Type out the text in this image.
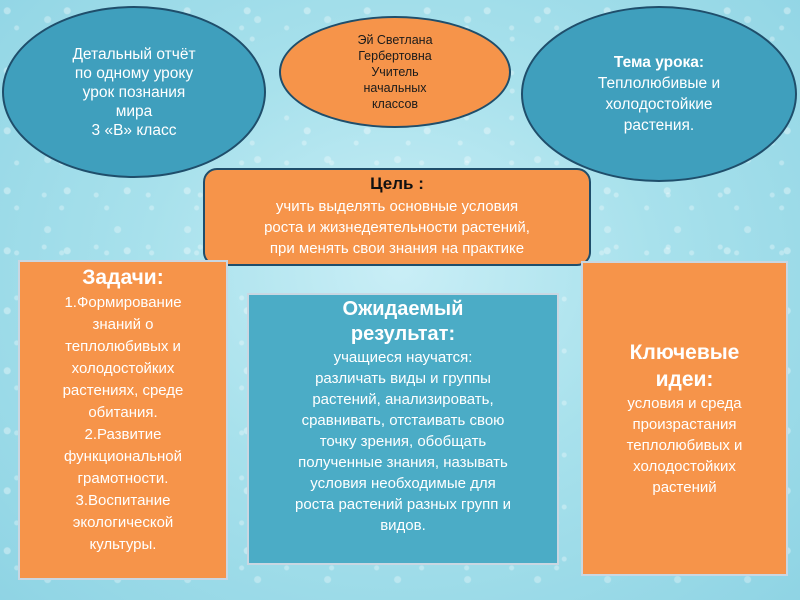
Детальный отчёт
по одному уроку
урок познания
мира
3 «В» класс
Эй Светлана
Гербертовна
Учитель
начальных
классов
Тема урока:
Теплолюбивые и
холодостойкие
растения.
Цель :
учить выделять основные условия
роста и жизнедеятельности растений,
при менять свои знания на практике
Задачи:
1.Формирование
знаний о
теплолюбивых и
холодостойких
растениях, среде
обитания.
2.Развитие
функциональной
грамотности.
3.Воспитание
экологической
культуры.
Ожидаемый
результат:
учащиеся научатся:
различать виды и группы
растений, анализировать,
сравнивать, отстаивать свою
точку зрения, обобщать
полученные знания, называть
условия необходимые для
роста растений разных групп и
видов.
Ключевые
идеи:
условия и среда
произрастания
теплолюбивых и
холодостойких
растений
